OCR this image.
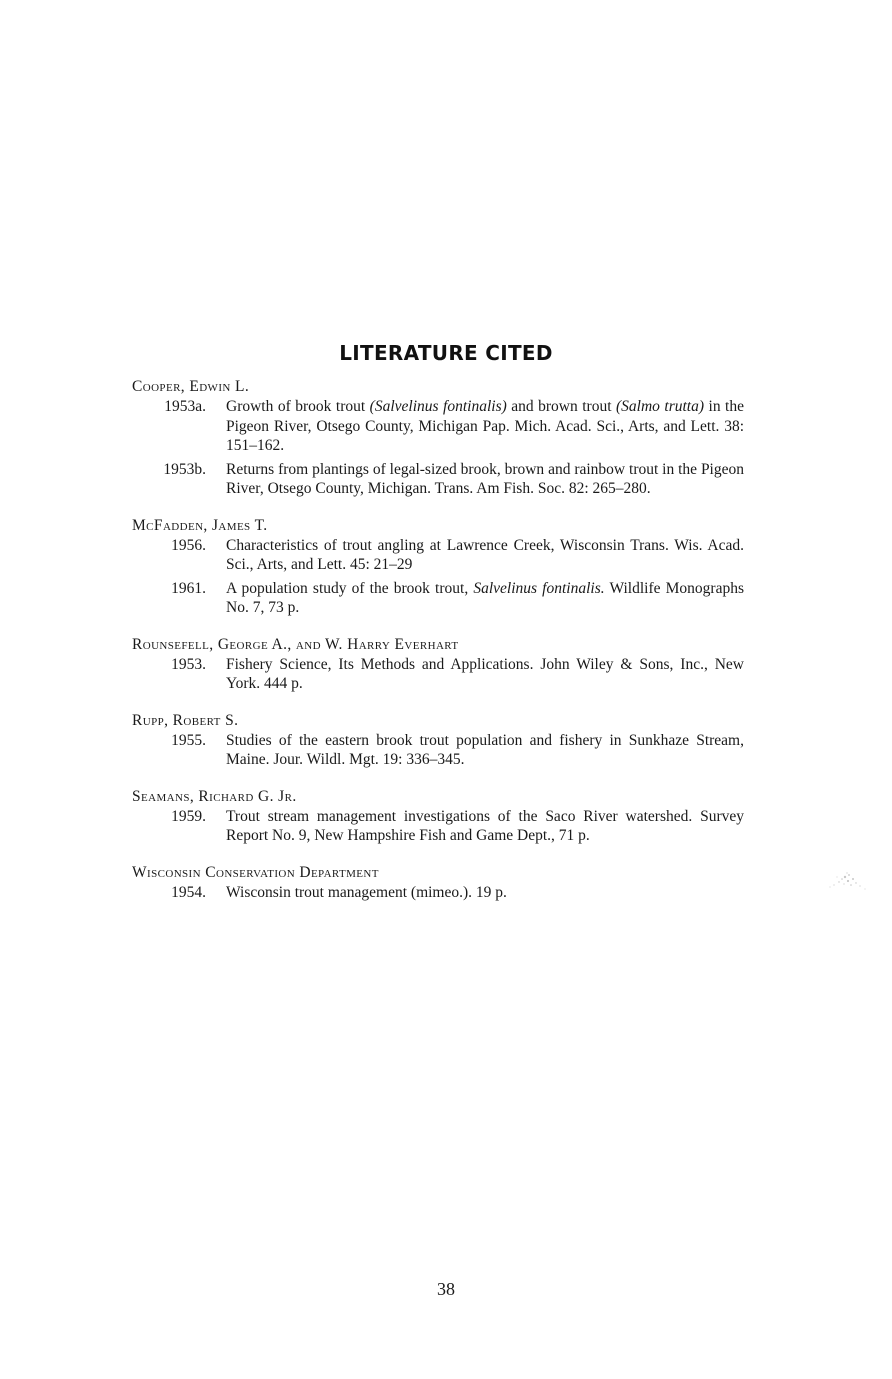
LITERATURE CITED
Cooper, Edwin L.
1953a. Growth of brook trout (Salvelinus fontinalis) and brown trout (Salmo trutta) in the Pigeon River, Otsego County, Michigan Pap. Mich. Acad. Sci., Arts, and Lett. 38: 151–162.
1953b. Returns from plantings of legal-sized brook, brown and rainbow trout in the Pigeon River, Otsego County, Michigan. Trans. Am Fish. Soc. 82: 265–280.
McFadden, James T.
1956. Characteristics of trout angling at Lawrence Creek, Wisconsin Trans. Wis. Acad. Sci., Arts, and Lett. 45: 21–29
1961. A population study of the brook trout, Salvelinus fontinalis. Wildlife Monographs No. 7, 73 p.
Rounsefell, George A., and W. Harry Everhart
1953. Fishery Science, Its Methods and Applications. John Wiley & Sons, Inc., New York. 444 p.
Rupp, Robert S.
1955. Studies of the eastern brook trout population and fishery in Sunkhaze Stream, Maine. Jour. Wildl. Mgt. 19: 336–345.
Seamans, Richard G. Jr.
1959. Trout stream management investigations of the Saco River watershed. Survey Report No. 9, New Hampshire Fish and Game Dept., 71 p.
Wisconsin Conservation Department
1954. Wisconsin trout management (mimeo.). 19 p.
38
